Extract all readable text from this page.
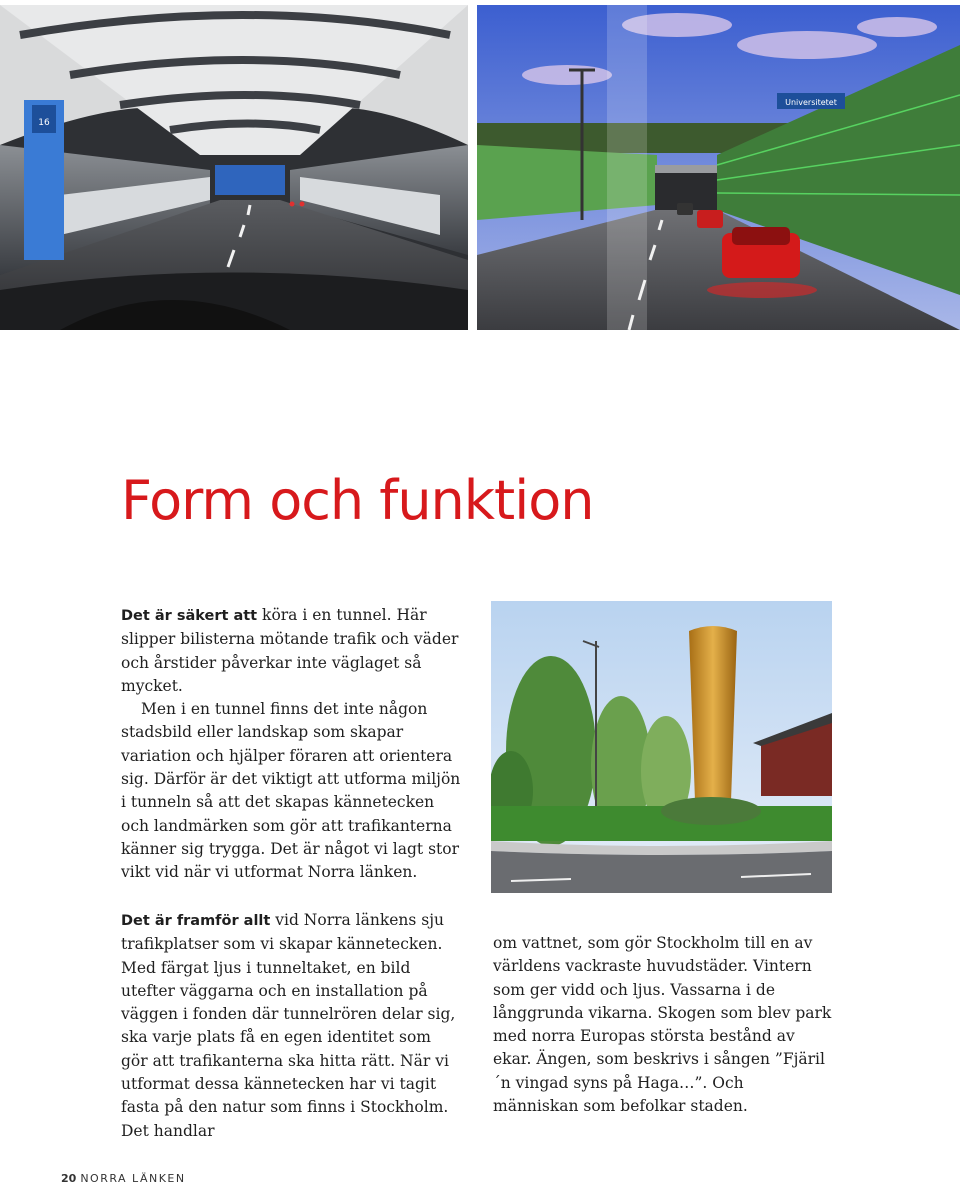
16
Universitetet
Form och funktion

Det är säkert att köra i en tunnel. Här slipper bilisterna mötande trafik och väder och årstider påverkar inte väglaget så mycket.

Men i en tunnel finns det inte någon stadsbild eller landskap som skapar variation och hjälper föraren att orientera sig. Därför är det viktigt att utforma miljön i tunneln så att det skapas kännetecken och landmärken som gör att trafikanterna känner sig trygga. Det är något vi lagt stor vikt vid när vi utformat Norra länken.

Det är framför allt vid Norra länkens sju trafikplatser som vi skapar kännetecken. Med färgat ljus i tunneltaket, en bild utefter väggarna och en installation på väggen i fonden där tunnelrören delar sig, ska varje plats få en egen identitet som gör att trafikanterna ska hitta rätt. När vi utformat dessa kännetecken har vi tagit fasta på den natur som finns i Stockholm. Det handlar

om vattnet, som gör Stockholm till en av världens vackraste huvudstäder. Vintern som ger vidd och ljus. Vassarna i de långgrunda vikarna. Skogen som blev park med norra Europas största bestånd av ekar. Ängen, som beskrivs i sången ”Fjäril´n vingad syns på Haga…”. Och människan som befolkar staden.

20 NORRA LÄNKEN
